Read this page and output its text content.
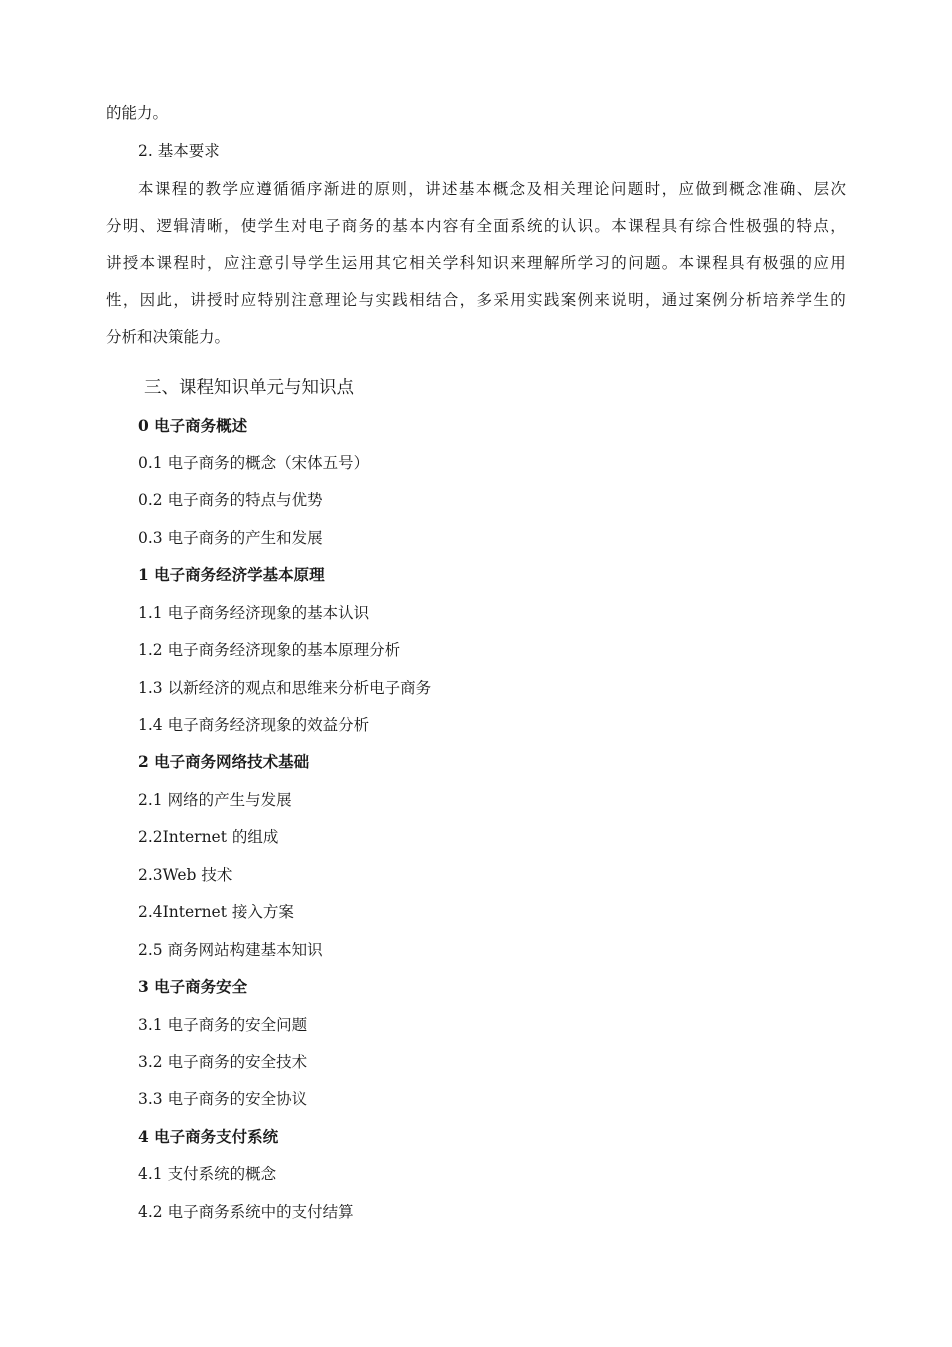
的能力。
2. 基本要求
本课程的教学应遵循循序渐进的原则，讲述基本概念及相关理论问题时，应做到概念准确、层次
分明、逻辑清晰，使学生对电子商务的基本内容有全面系统的认识。本课程具有综合性极强的特点，
讲授本课程时，应注意引导学生运用其它相关学科知识来理解所学习的问题。本课程具有极强的应用
性，因此，讲授时应特别注意理论与实践相结合，多采用实践案例来说明，通过案例分析培养学生的
分析和决策能力。
三、课程知识单元与知识点
0 电子商务概述
0.1 电子商务的概念（宋体五号）
0.2 电子商务的特点与优势
0.3 电子商务的产生和发展
1 电子商务经济学基本原理
1.1 电子商务经济现象的基本认识
1.2 电子商务经济现象的基本原理分析
1.3 以新经济的观点和思维来分析电子商务
1.4 电子商务经济现象的效益分析
2 电子商务网络技术基础
2.1 网络的产生与发展
2.2Internet 的组成
2.3Web 技术
2.4Internet 接入方案
2.5 商务网站构建基本知识
3 电子商务安全
3.1 电子商务的安全问题
3.2 电子商务的安全技术
3.3 电子商务的安全协议
4 电子商务支付系统
4.1 支付系统的概念
4.2 电子商务系统中的支付结算
